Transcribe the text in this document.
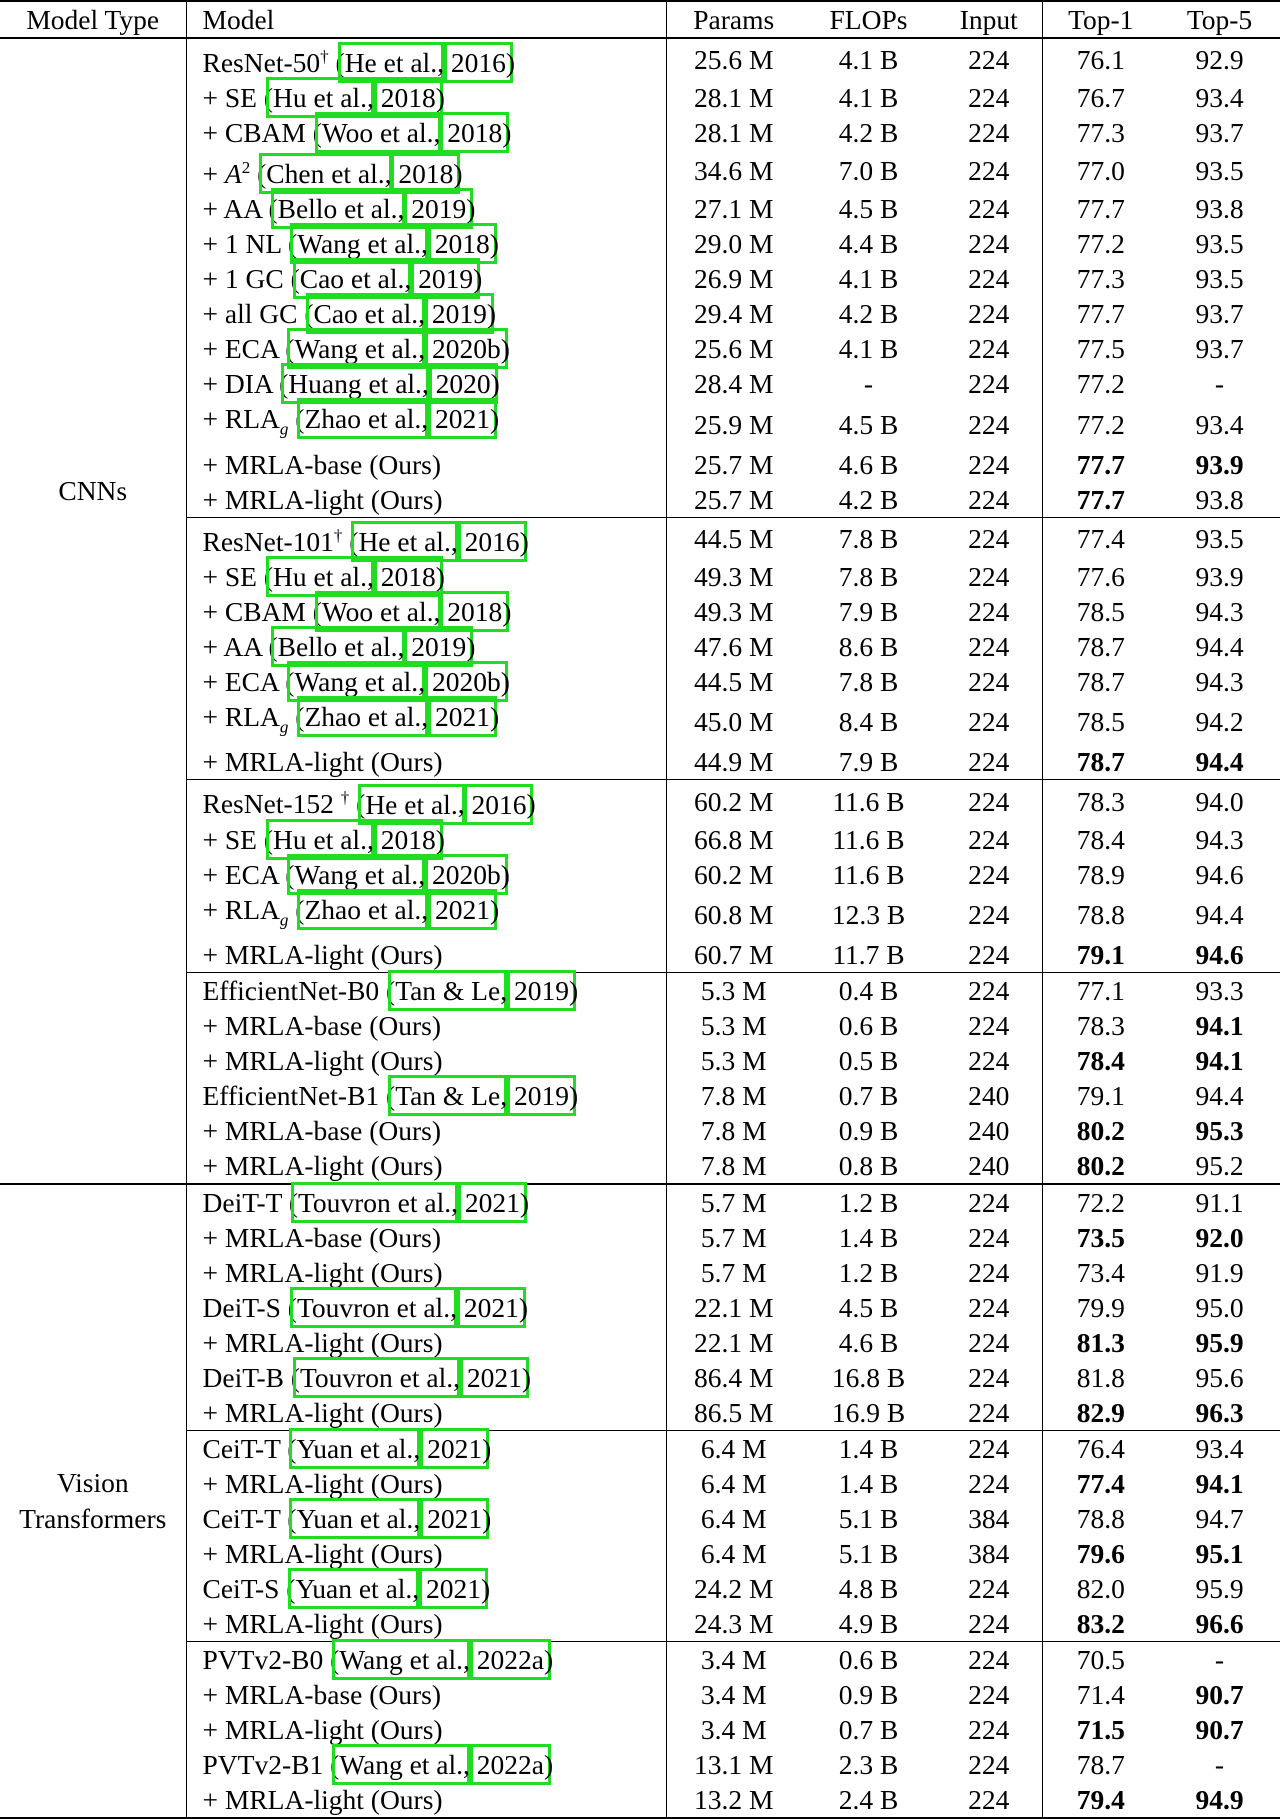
Model Type	Model	Params	FLOPs	Input	Top-1	Top-5
CNNs	ResNet-50† (He et al., 2016)	25.6 M	4.1 B	224	76.1	92.9
	+ SE (Hu et al., 2018)	28.1 M	4.1 B	224	76.7	93.4
	+ CBAM (Woo et al., 2018)	28.1 M	4.2 B	224	77.3	93.7
	+ $A^2$ (Chen et al., 2018)	34.6 M	7.0 B	224	77.0	93.5
	+ AA (Bello et al., 2019)	27.1 M	4.5 B	224	77.7	93.8
	+ 1 NL (Wang et al., 2018)	29.0 M	4.4 B	224	77.2	93.5
	+ 1 GC (Cao et al., 2019)	26.9 M	4.1 B	224	77.3	93.5
	+ all GC (Cao et al., 2019)	29.4 M	4.2 B	224	77.7	93.7
	+ ECA (Wang et al., 2020b)	25.6 M	4.1 B	224	77.5	93.7
	+ DIA (Huang et al., 2020)	28.4 M	-	224	77.2	-
	+ $RLA_g$ (Zhao et al., 2021)	25.9 M	4.5 B	224	77.2	93.4
	+ MRLA-base (Ours)	25.7 M	4.6 B	224	77.7	93.9
	+ MRLA-light (Ours)	25.7 M	4.2 B	224	77.7	93.8
	ResNet-101† (He et al., 2016)	44.5 M	7.8 B	224	77.4	93.5
	+ SE (Hu et al., 2018)	49.3 M	7.8 B	224	77.6	93.9
	+ CBAM (Woo et al., 2018)	49.3 M	7.9 B	224	78.5	94.3
	+ AA (Bello et al., 2019)	47.6 M	8.6 B	224	78.7	94.4
	+ ECA (Wang et al., 2020b)	44.5 M	7.8 B	224	78.7	94.3
	+ $RLA_g$ (Zhao et al., 2021)	45.0 M	8.4 B	224	78.5	94.2
	+ MRLA-light (Ours)	44.9 M	7.9 B	224	78.7	94.4
	ResNet-152 † (He et al., 2016)	60.2 M	11.6 B	224	78.3	94.0
	+ SE (Hu et al., 2018)	66.8 M	11.6 B	224	78.4	94.3
	+ ECA (Wang et al., 2020b)	60.2 M	11.6 B	224	78.9	94.6
	+ $RLA_g$ (Zhao et al., 2021)	60.8 M	12.3 B	224	78.8	94.4
	+ MRLA-light (Ours)	60.7 M	11.7 B	224	79.1	94.6
	EfficientNet-B0 (Tan & Le, 2019)	5.3 M	0.4 B	224	77.1	93.3
	+ MRLA-base (Ours)	5.3 M	0.6 B	224	78.3	94.1
	+ MRLA-light (Ours)	5.3 M	0.5 B	224	78.4	94.1
	EfficientNet-B1 (Tan & Le, 2019)	7.8 M	0.7 B	240	79.1	94.4
	+ MRLA-base (Ours)	7.8 M	0.9 B	240	80.2	95.3
	+ MRLA-light (Ours)	7.8 M	0.8 B	240	80.2	95.2
Vision Transformers	DeiT-T (Touvron et al., 2021)	5.7 M	1.2 B	224	72.2	91.1
	+ MRLA-base (Ours)	5.7 M	1.4 B	224	73.5	92.0
	+ MRLA-light (Ours)	5.7 M	1.2 B	224	73.4	91.9
	DeiT-S (Touvron et al., 2021)	22.1 M	4.5 B	224	79.9	95.0
	+ MRLA-light (Ours)	22.1 M	4.6 B	224	81.3	95.9
	DeiT-B (Touvron et al., 2021)	86.4 M	16.8 B	224	81.8	95.6
	+ MRLA-light (Ours)	86.5 M	16.9 B	224	82.9	96.3
	CeiT-T (Yuan et al., 2021)	6.4 M	1.4 B	224	76.4	93.4
	+ MRLA-light (Ours)	6.4 M	1.4 B	224	77.4	94.1
	CeiT-T (Yuan et al., 2021)	6.4 M	5.1 B	384	78.8	94.7
	+ MRLA-light (Ours)	6.4 M	5.1 B	384	79.6	95.1
	CeiT-S (Yuan et al., 2021)	24.2 M	4.8 B	224	82.0	95.9
	+ MRLA-light (Ours)	24.3 M	4.9 B	224	83.2	96.6
	PVTv2-B0 (Wang et al., 2022a)	3.4 M	0.6 B	224	70.5	-
	+ MRLA-base (Ours)	3.4 M	0.9 B	224	71.4	90.7
	+ MRLA-light (Ours)	3.4 M	0.7 B	224	71.5	90.7
	PVTv2-B1 (Wang et al., 2022a)	13.1 M	2.3 B	224	78.7	-
	+ MRLA-light (Ours)	13.2 M	2.4 B	224	79.4	94.9
